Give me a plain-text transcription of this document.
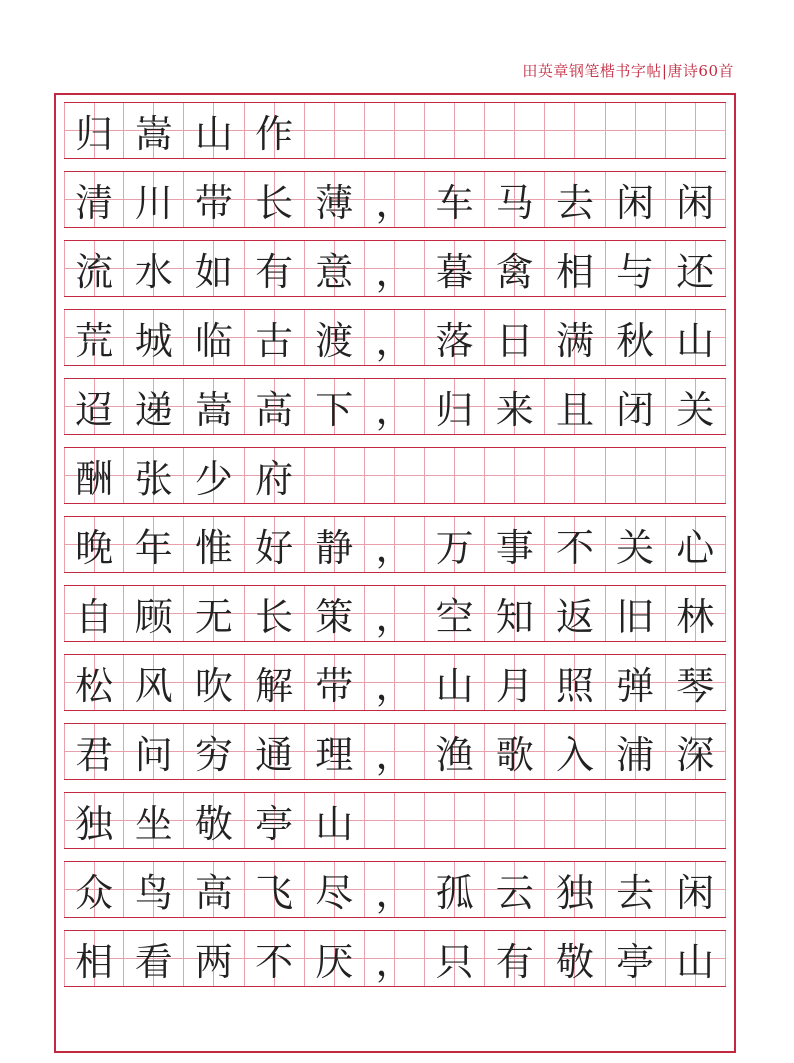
田英章钢笔楷书字帖|唐诗60首
归 嵩 山 作
清 川 带 长 薄 ， 车 马 去 闲 闲
流 水 如 有 意 ， 暮 禽 相 与 还
荒 城 临 古 渡 ， 落 日 满 秋 山
迢 递 嵩 高 下 ， 归 来 且 闭 关
酬 张 少 府
晚 年 惟 好 静 ， 万 事 不 关 心
自 顾 无 长 策 ， 空 知 返 旧 林
松 风 吹 解 带 ， 山 月 照 弹 琴
君 问 穷 通 理 ， 渔 歌 入 浦 深
独 坐 敬 亭 山
众 鸟 高 飞 尽 ， 孤 云 独 去 闲
相 看 两 不 厌 ， 只 有 敬 亭 山
